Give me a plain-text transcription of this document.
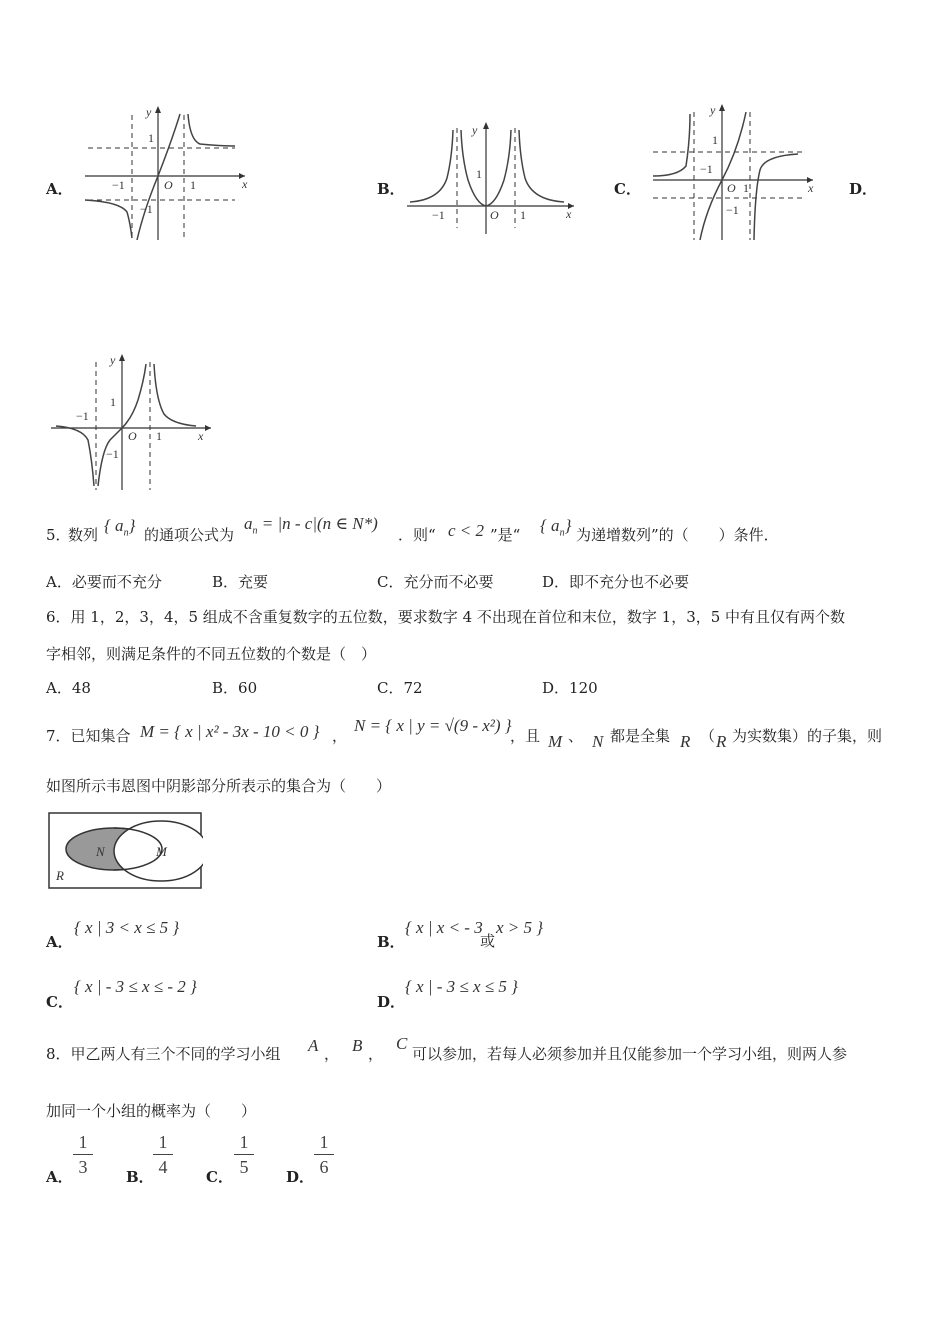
A．	B．	C．	D．
y
x
O
1
1
−1
−1
y
x
O
1
1
−1
y
x
O
1
1
−1
−1
y
x
O
1
1
−1
−1
5．
数列 { $a_n$} 的通项公式为
$a_n = |n - c|(n$ ∈ N*)
．则“ c < 2 ”是“ { $a_n$} 为递增数列”的（　　）条件．
A．必要而不充分	B．充要	C．充分而不必要	D．即不充分也不必要
6．用 1，2，3，4，5 组成不含重复数字的五位数，要求数字 4 不出现在首位和末位，数字 1，3，5 中有且仅有两个数
字相邻，则满足条件的不同五位数的个数是（　）
A．48	B．60	C．72	D．120
7．已知集合 M = { x | x² - 3x - 10 < 0 } ，
N = { x | y = √(9 - x²) }
，且 M 、 N 都是全集 R （ R 为实数集）的子集，则
如图所示韦恩图中阴影部分所表示的集合为（　　）
N	M
R
A．
{ x | 3 < x ≤ 5 }
B．
{ x | x < - 3
或
x > 5 }
C．
{ x | - 3 ≤ x ≤ - 2 }
D．
{ x | - 3 ≤ x ≤ 5 }
8．甲乙两人有三个不同的学习小组 A ， B ，
C
可以参加，若每人必须参加并且仅能参加一个学习小组，则两人参
加同一个小组的概率为（　　）
A．
1
3	B．
1
4	C．
1
5	D．
1
6
